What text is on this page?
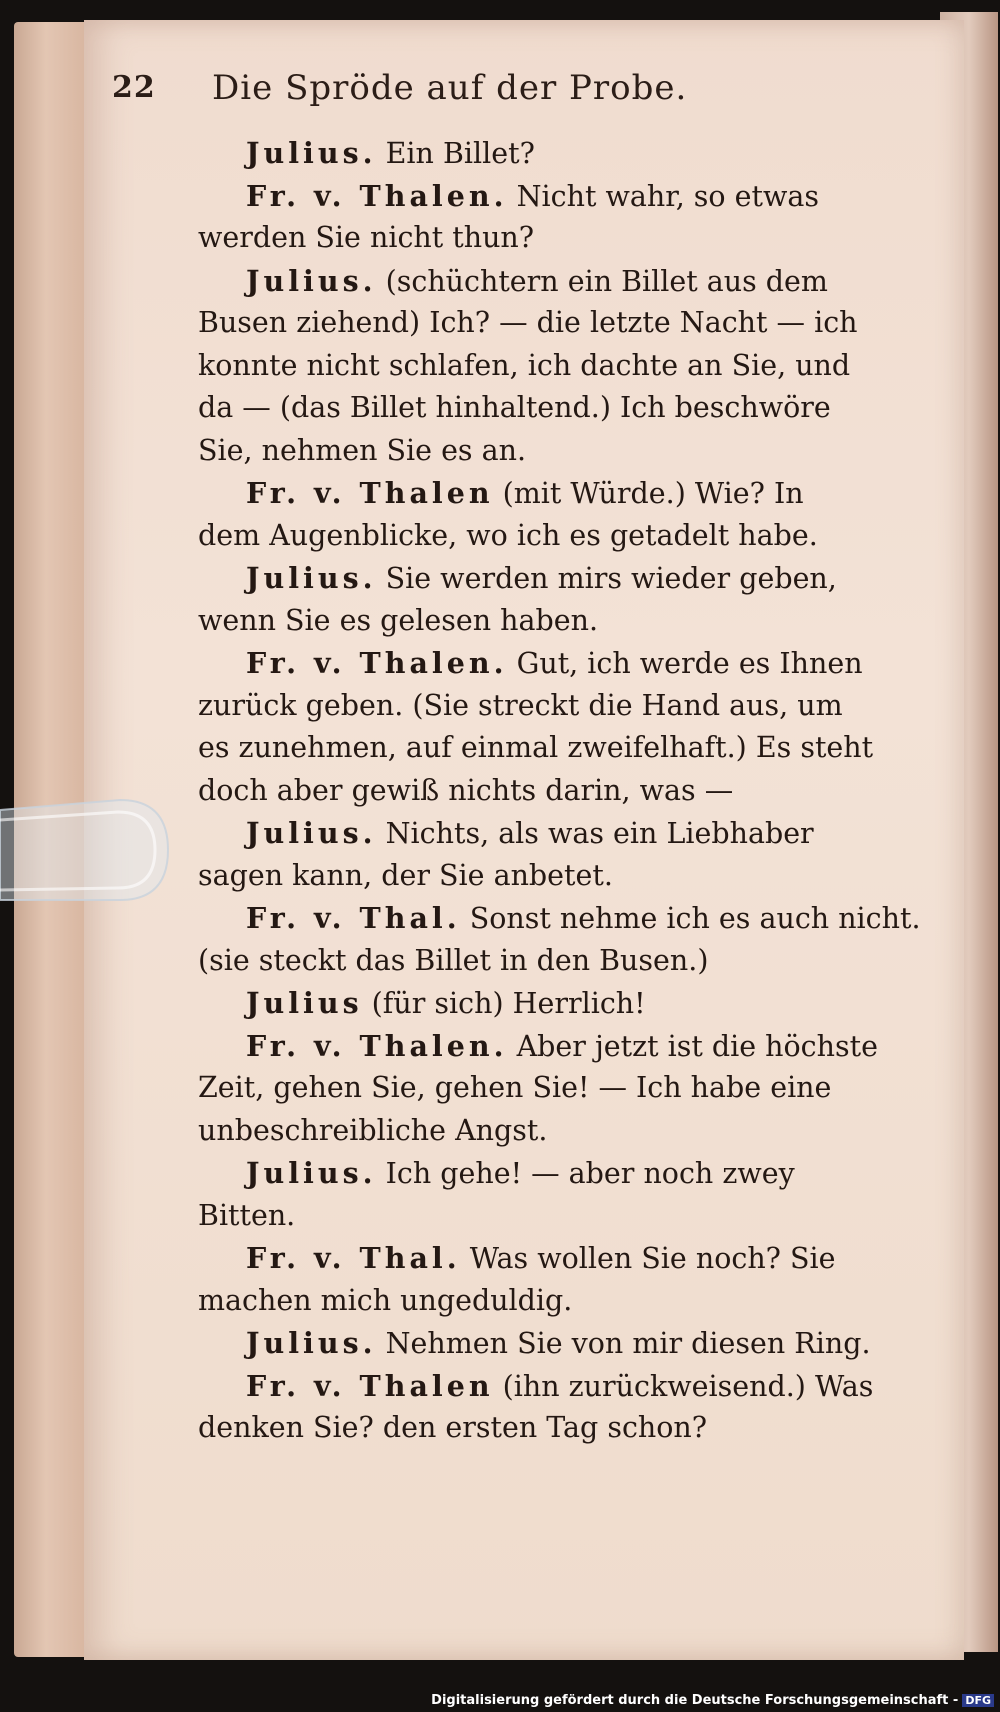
22 Die Spröde auf der Probe.
Julius. Ein Billet?
Fr. v. Thalen. Nicht wahr, so etwas
werden Sie nicht thun?
Julius. (schüchtern ein Billet aus dem
Busen ziehend) Ich? — die letzte Nacht — ich
konnte nicht schlafen, ich dachte an Sie, und
da — (das Billet hinhaltend.) Ich beschwöre
Sie, nehmen Sie es an.
Fr. v. Thalen (mit Würde.) Wie? In
dem Augenblicke, wo ich es getadelt habe.
Julius. Sie werden mirs wieder geben,
wenn Sie es gelesen haben.
Fr. v. Thalen. Gut, ich werde es Ihnen
zurück geben. (Sie streckt die Hand aus, um
es zunehmen, auf einmal zweifelhaft.) Es steht
doch aber gewiß nichts darin, was —
Julius. Nichts, als was ein Liebhaber
sagen kann, der Sie anbetet.
Fr. v. Thal. Sonst nehme ich es auch nicht.
(sie steckt das Billet in den Busen.)
Julius (für sich) Herrlich!
Fr. v. Thalen. Aber jetzt ist die höchste
Zeit, gehen Sie, gehen Sie! — Ich habe eine
unbeschreibliche Angst.
Julius. Ich gehe! — aber noch zwey
Bitten.
Fr. v. Thal. Was wollen Sie noch? Sie
machen mich ungeduldig.
Julius. Nehmen Sie von mir diesen Ring.
Fr. v. Thalen (ihn zurückweisend.) Was
denken Sie? den ersten Tag schon?
Digitalisierung gefördert durch die Deutsche Forschungsgemeinschaft - DFG
